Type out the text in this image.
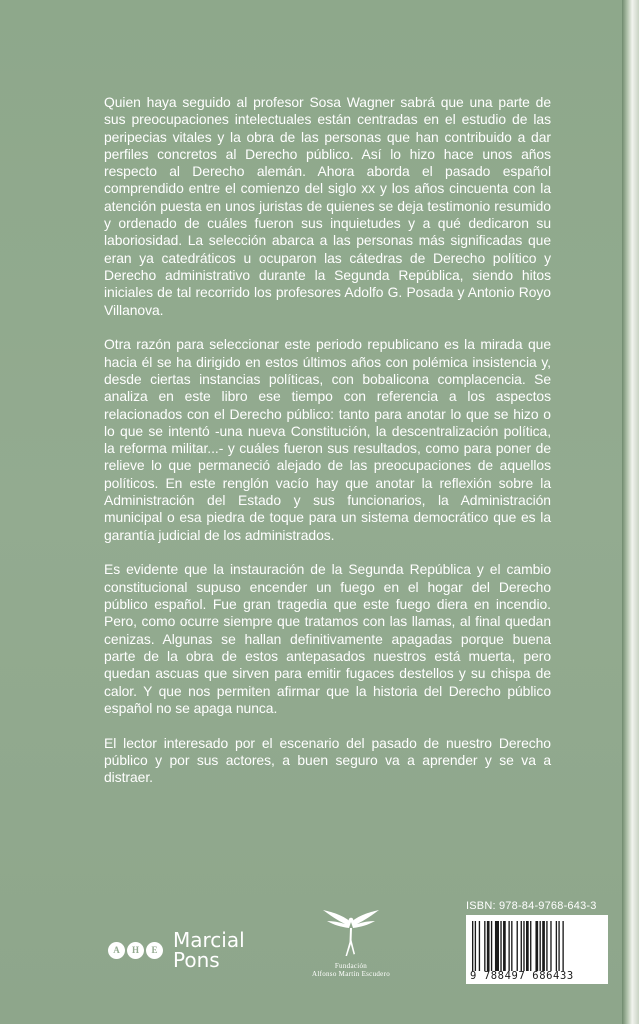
Quien haya seguido al profesor Sosa Wagner sabrá que una parte de sus preocupaciones intelectuales están centradas en el estudio de las peripecias vitales y la obra de las personas que han contribuido a dar perfiles concretos al Derecho público. Así lo hizo hace unos años respecto al Derecho alemán. Ahora aborda el pasado español comprendido entre el comienzo del siglo xx y los años cincuenta con la atención puesta en unos juristas de quienes se deja testimonio resumido y ordenado de cuáles fueron sus inquietudes y a qué dedicaron su laboriosidad. La selección abarca a las personas más significadas que eran ya catedráticos u ocuparon las cátedras de Derecho político y Derecho administrativo durante la Segunda República, siendo hitos iniciales de tal recorrido los profesores Adolfo G. Posada y Antonio Royo Villanova.

Otra razón para seleccionar este periodo republicano es la mirada que hacia él se ha dirigido en estos últimos años con polémica insistencia y, desde ciertas instancias políticas, con bobalicona complacencia. Se analiza en este libro ese tiempo con referencia a los aspectos relacionados con el Derecho público: tanto para anotar lo que se hizo o lo que se intentó -una nueva Constitución, la descentralización política, la reforma militar...- y cuáles fueron sus resultados, como para poner de relieve lo que permaneció alejado de las preocupaciones de aquellos políticos. En este renglón vacío hay que anotar la reflexión sobre la Administración del Estado y sus funcionarios, la Administración municipal o esa piedra de toque para un sistema democrático que es la garantía judicial de los administrados.

Es evidente que la instauración de la Segunda República y el cambio constitucional supuso encender un fuego en el hogar del Derecho público español. Fue gran tragedia que este fuego diera en incendio. Pero, como ocurre siempre que tratamos con las llamas, al final quedan cenizas. Algunas se hallan definitivamente apagadas porque buena parte de la obra de estos antepasados nuestros está muerta, pero quedan ascuas que sirven para emitir fugaces destellos y su chispa de calor. Y que nos permiten afirmar que la historia del Derecho público español no se apaga nunca.

El lector interesado por el escenario del pasado de nuestro Derecho público y por sus actores, a buen seguro va a aprender y se va a distraer.

A	H	E Marcial
Pons	Fundación
Alfonso Martín Escudero
ISBN: 978-84-9768-643-3
9 788497 686433
